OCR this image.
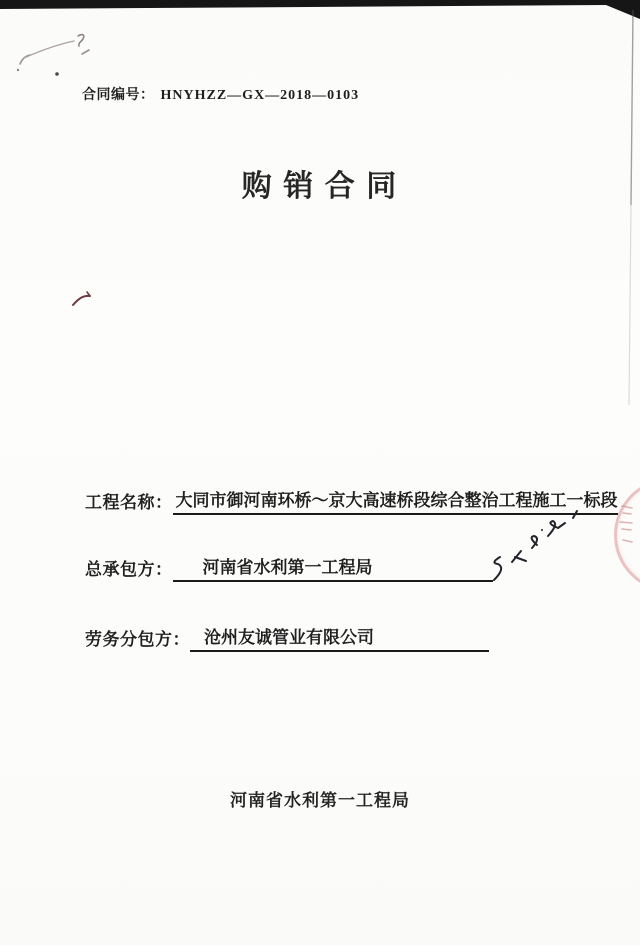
合同编号： HNYHZZ—GX—2018—0103
购 销 合 同
工程名称： 大同市御河南环桥～京大高速桥段综合整治工程施工一标段
总承包方： 河南省水利第一工程局
劳务分包方： 沧州友诚管业有限公司
河南省水利第一工程局
